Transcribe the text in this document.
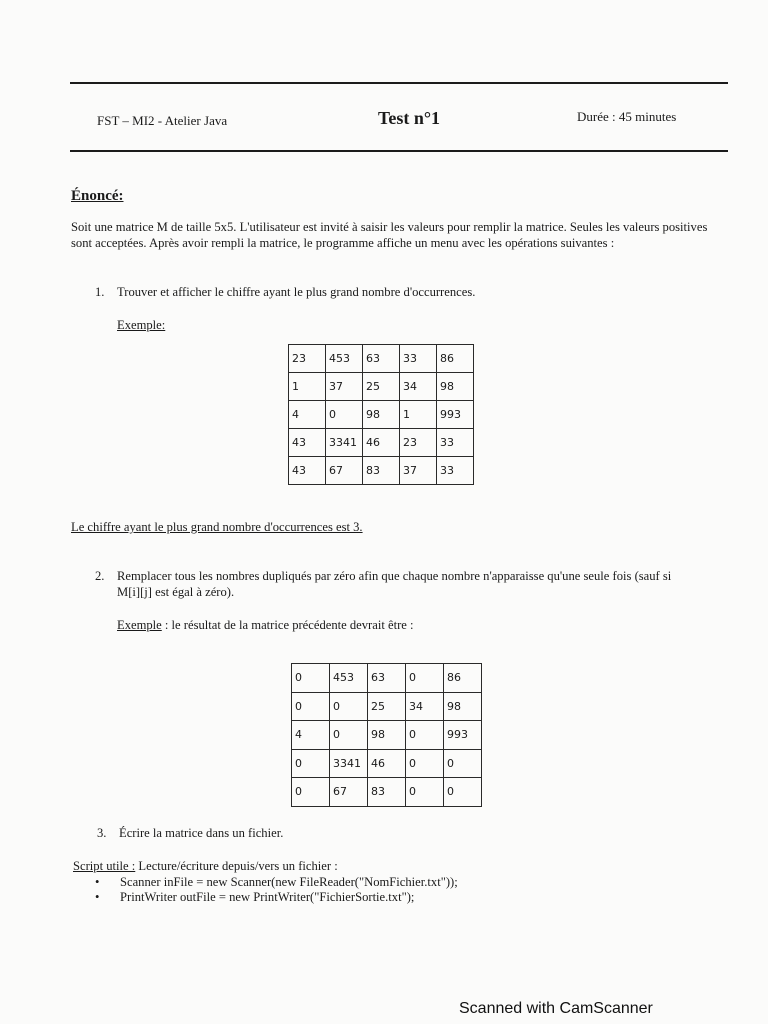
FST – MI2 - Atelier Java	Test n°1	Durée : 45 minutes
Énoncé:
Soit une matrice M de taille 5x5. L'utilisateur est invité à saisir les valeurs pour remplir la matrice. Seules les valeurs positives sont acceptées. Après avoir rempli la matrice, le programme affiche un menu avec les opérations suivantes :
1. Trouver et afficher le chiffre ayant le plus grand nombre d'occurrences.
Exemple:
23	453	63	33	86
1	37	25	34	98
4	0	98	1	993
43	3341	46	23	33
43	67	83	37	33
Le chiffre ayant le plus grand nombre d'occurrences est 3.
2. Remplacer tous les nombres dupliqués par zéro afin que chaque nombre n'apparaisse qu'une seule fois (sauf si M[i][j] est égal à zéro).
Exemple : le résultat de la matrice précédente devrait être :
0	453	63	0	86
0	0	25	34	98
4	0	98	0	993
0	3341	46	0	0
0	67	83	0	0
3. Écrire la matrice dans un fichier.
Script utile : Lecture/écriture depuis/vers un fichier :
• Scanner inFile = new Scanner(new FileReader("NomFichier.txt"));
• PrintWriter outFile = new PrintWriter("FichierSortie.txt");
Scanned with CamScanner
